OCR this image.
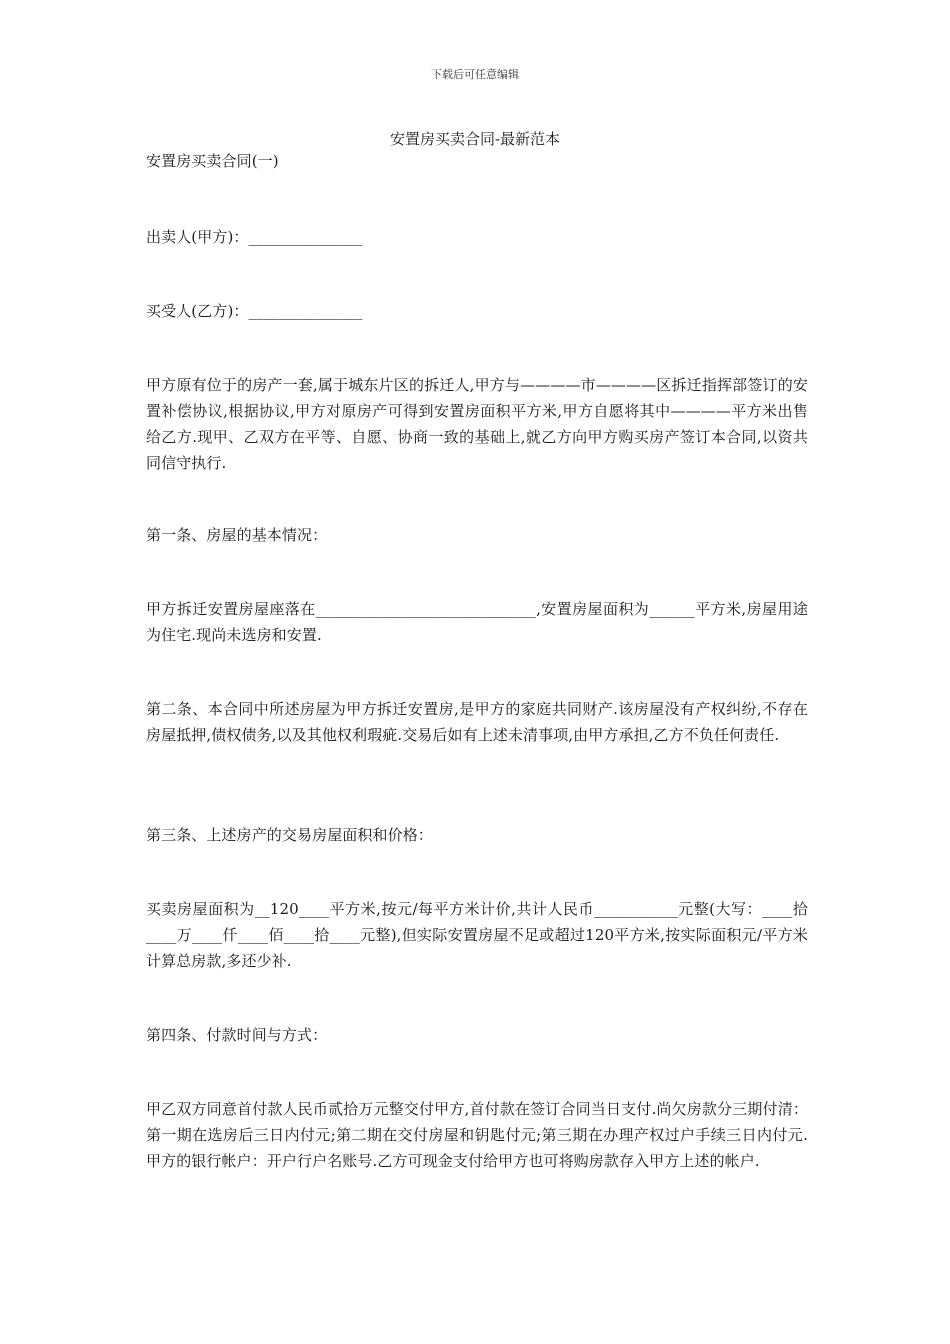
下载后可任意编辑
安置房买卖合同-最新范本

安置房买卖合同(一)

出卖人(甲方)：_______________

买受人(乙方)：_______________

甲方原有位于的房产一套,属于城东片区的拆迁人,甲方与————市————区拆迁指挥部签订的安置补偿协议,根据协议,甲方对原房产可得到安置房面积平方米,甲方自愿将其中————平方米出售给乙方.现甲、乙双方在平等、自愿、协商一致的基础上,就乙方向甲方购买房产签订本合同,以资共同信守执行.

第一条、房屋的基本情况：

甲方拆迁安置房屋座落在_____________________________,安置房屋面积为______平方米,房屋用途为住宅.现尚未选房和安置.

第二条、本合同中所述房屋为甲方拆迁安置房,是甲方的家庭共同财产.该房屋没有产权纠纷,不存在房屋抵押,债权债务,以及其他权利瑕疵.交易后如有上述未清事项,由甲方承担,乙方不负任何责任.

第三条、上述房产的交易房屋面积和价格：

买卖房屋面积为__120____平方米,按元/每平方米计价,共计人民币___________元整(大写：____拾____万____仟____佰____拾____元整),但实际安置房屋不足或超过120平方米,按实际面积元/平方米计算总房款,多还少补.

第四条、付款时间与方式：

甲乙双方同意首付款人民币贰拾万元整交付甲方,首付款在签订合同当日支付.尚欠房款分三期付清：第一期在选房后三日内付元;第二期在交付房屋和钥匙付元;第三期在办理产权过户手续三日内付元.甲方的银行帐户：开户行户名账号.乙方可现金支付给甲方也可将购房款存入甲方上述的帐户.
